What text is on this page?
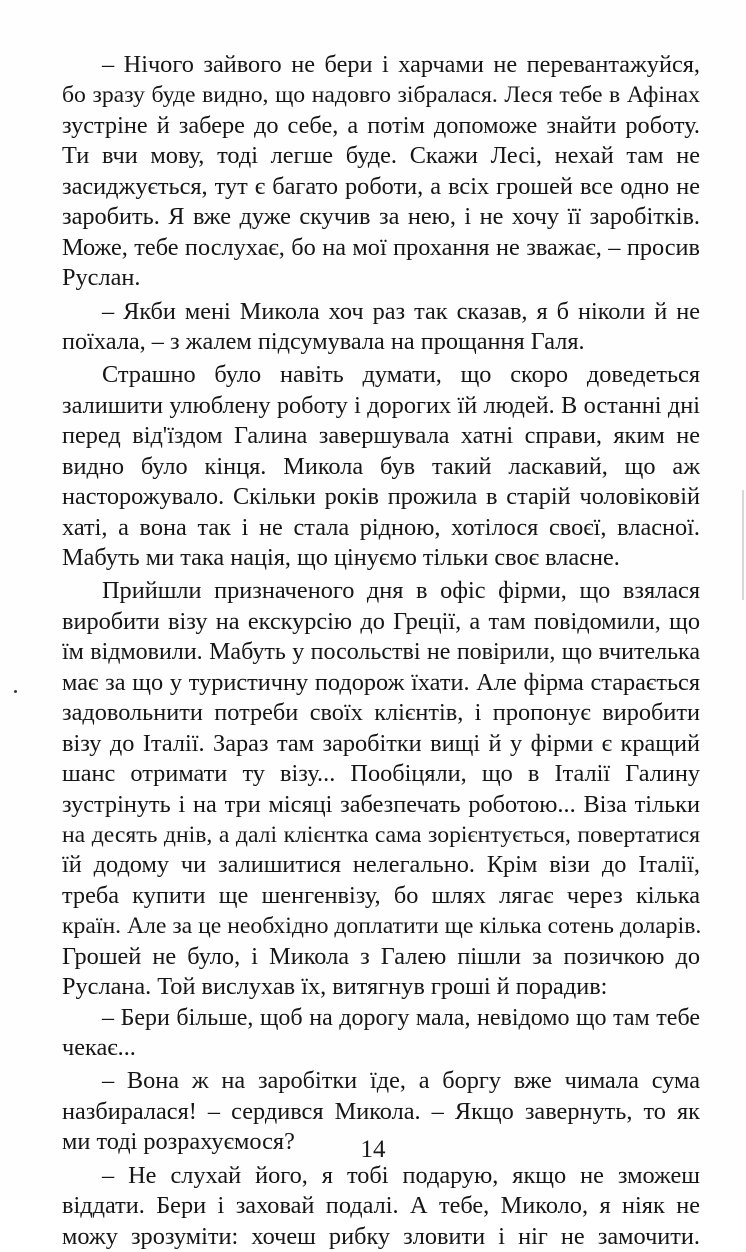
– Нічого зайвого не бери і харчами не перевантажуйся,
бо зразу буде видно, що надовго зібралася. Леся тебе в Афінах
зустріне й забере до себе, а потім допоможе знайти роботу.
Ти вчи мову, тоді легше буде. Скажи Лесі, нехай там не
засиджується, тут є багато роботи, а всіх грошей все одно не
заробить. Я вже дуже скучив за нею, і не хочу її заробітків.
Може, тебе послухає, бо на мої прохання не зважає, – просив
Руслан.
– Якби мені Микола хоч раз так сказав, я б ніколи й не
поїхала, – з жалем підсумувала на прощання Галя.
Страшно було навіть думати, що скоро доведеться
залишити улюблену роботу і дорогих їй людей. В останні дні
перед від'їздом Галина завершувала хатні справи, яким не
видно було кінця. Микола був такий ласкавий, що аж
насторожувало. Скільки років прожила в старій чоловіковій
хаті, а вона так і не стала рідною, хотілося своєї, власної.
Мабуть ми така нація, що цінуємо тільки своє власне.
Прийшли призначеного дня в офіс фірми, що взялася
виробити візу на екскурсію до Греції, а там повідомили, що
їм відмовили. Мабуть у посольстві не повірили, що вчителька
має за що у туристичну подорож їхати. Але фірма старається
задовольнити потреби своїх клієнтів, і пропонує виробити
візу до Італії. Зараз там заробітки вищі й у фірми є кращий
шанс отримати ту візу... Пообіцяли, що в Італії Галину
зустрінуть і на три місяці забезпечать роботою... Віза тільки
на десять днів, а далі клієнтка сама зорієнтується, повертатися
їй додому чи залишитися нелегально. Крім візи до Італії,
треба купити ще шенгенвізу, бо шлях лягає через кілька
країн. Але за це необхідно доплатити ще кілька сотень доларів.
Грошей не було, і Микола з Галею пішли за позичкою до
Руслана. Той вислухав їх, витягнув гроші й порадив:
– Бери більше, щоб на дорогу мала, невідомо що там тебе
чекає...
– Вона ж на заробітки їде, а боргу вже чимала сума
назбиралася! – сердився Микола. – Якщо завернуть, то як
ми тоді розрахуємося?
– Не слухай його, я тобі подарую, якщо не зможеш
віддати. Бери і заховай подалі. А тебе, Миколо, я ніяк не
можу зрозуміти: хочеш рибку зловити і ніг не замочити.
14
